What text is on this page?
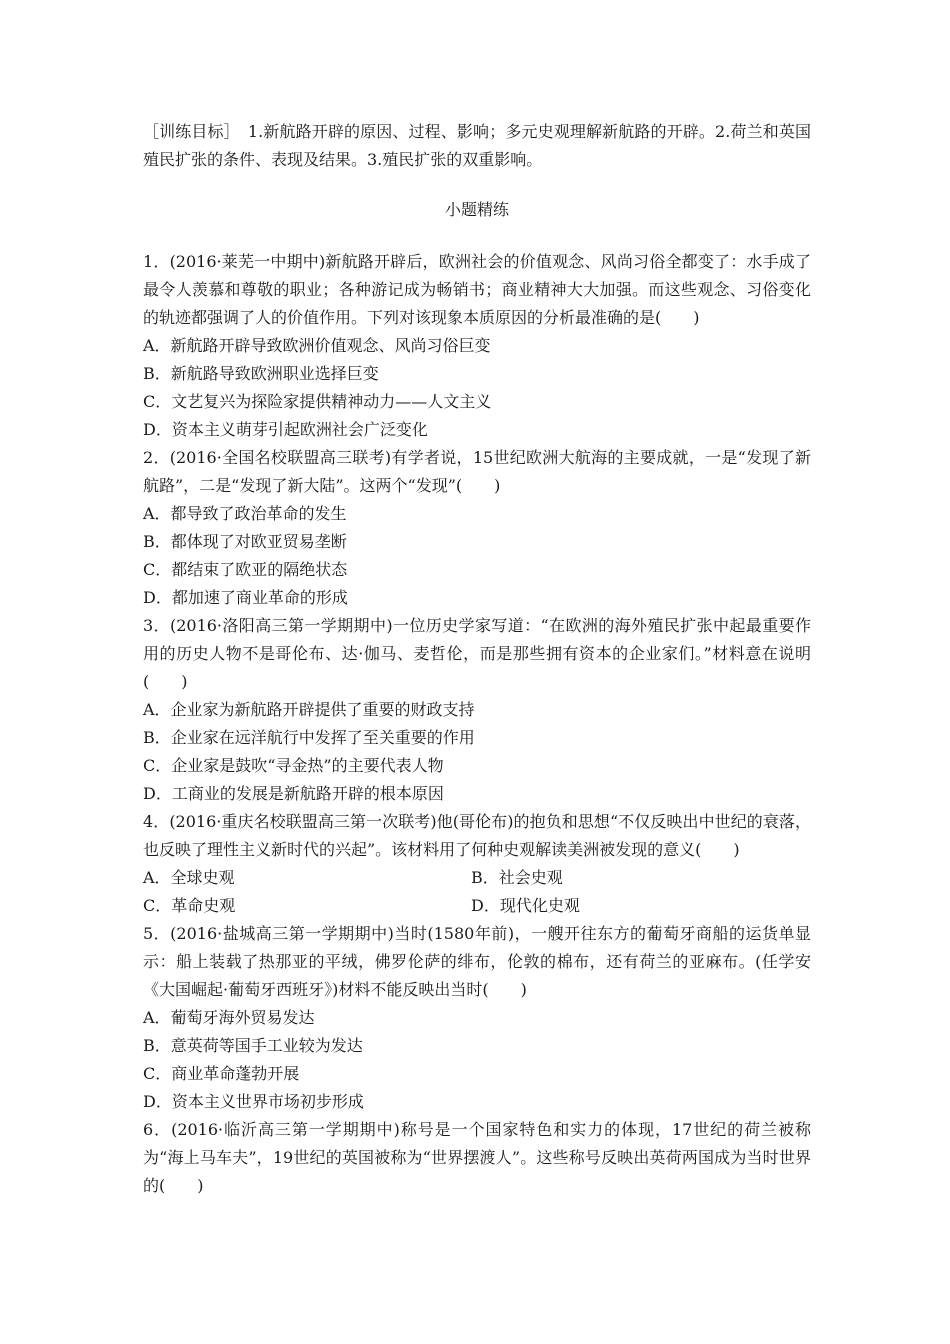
［训练目标］　1.新航路开辟的原因、过程、影响；多元史观理解新航路的开辟。2.荷兰和英国殖民扩张的条件、表现及结果。3.殖民扩张的双重影响。

小题精练

1．(2016·莱芜一中期中)新航路开辟后，欧洲社会的价值观念、风尚习俗全都变了：水手成了最令人羡慕和尊敬的职业；各种游记成为畅销书；商业精神大大加强。而这些观念、习俗变化的轨迹都强调了人的价值作用。下列对该现象本质原因的分析最准确的是(　　)

A．新航路开辟导致欧洲价值观念、风尚习俗巨变

B．新航路导致欧洲职业选择巨变

C．文艺复兴为探险家提供精神动力——人文主义

D．资本主义萌芽引起欧洲社会广泛变化

2．(2016·全国名校联盟高三联考)有学者说，15世纪欧洲大航海的主要成就，一是“发现了新航路”，二是“发现了新大陆”。这两个“发现”(　　)

A．都导致了政治革命的发生

B．都体现了对欧亚贸易垄断

C．都结束了欧亚的隔绝状态

D．都加速了商业革命的形成

3．(2016·洛阳高三第一学期期中)一位历史学家写道：“在欧洲的海外殖民扩张中起最重要作用的历史人物不是哥伦布、达·伽马、麦哲伦，而是那些拥有资本的企业家们。”材料意在说明(　　)

A．企业家为新航路开辟提供了重要的财政支持

B．企业家在远洋航行中发挥了至关重要的作用

C．企业家是鼓吹“寻金热”的主要代表人物

D．工商业的发展是新航路开辟的根本原因

4．(2016·重庆名校联盟高三第一次联考)他(哥伦布)的抱负和思想“不仅反映出中世纪的衰落，也反映了理性主义新时代的兴起”。该材料用了何种史观解读美洲被发现的意义(　　)

A．全球史观	B．社会史观

C．革命史观	D．现代化史观

5．(2016·盐城高三第一学期期中)当时(1580年前)，一艘开往东方的葡萄牙商船的运货单显示：船上装载了热那亚的平绒，佛罗伦萨的绯布，伦敦的棉布，还有荷兰的亚麻布。(任学安《大国崛起·葡萄牙西班牙》)材料不能反映出当时(　　)

A．葡萄牙海外贸易发达

B．意英荷等国手工业较为发达

C．商业革命蓬勃开展

D．资本主义世界市场初步形成

6．(2016·临沂高三第一学期期中)称号是一个国家特色和实力的体现，17世纪的荷兰被称为“海上马车夫”，19世纪的英国被称为“世界摆渡人”。这些称号反映出英荷两国成为当时世界的(　　)
